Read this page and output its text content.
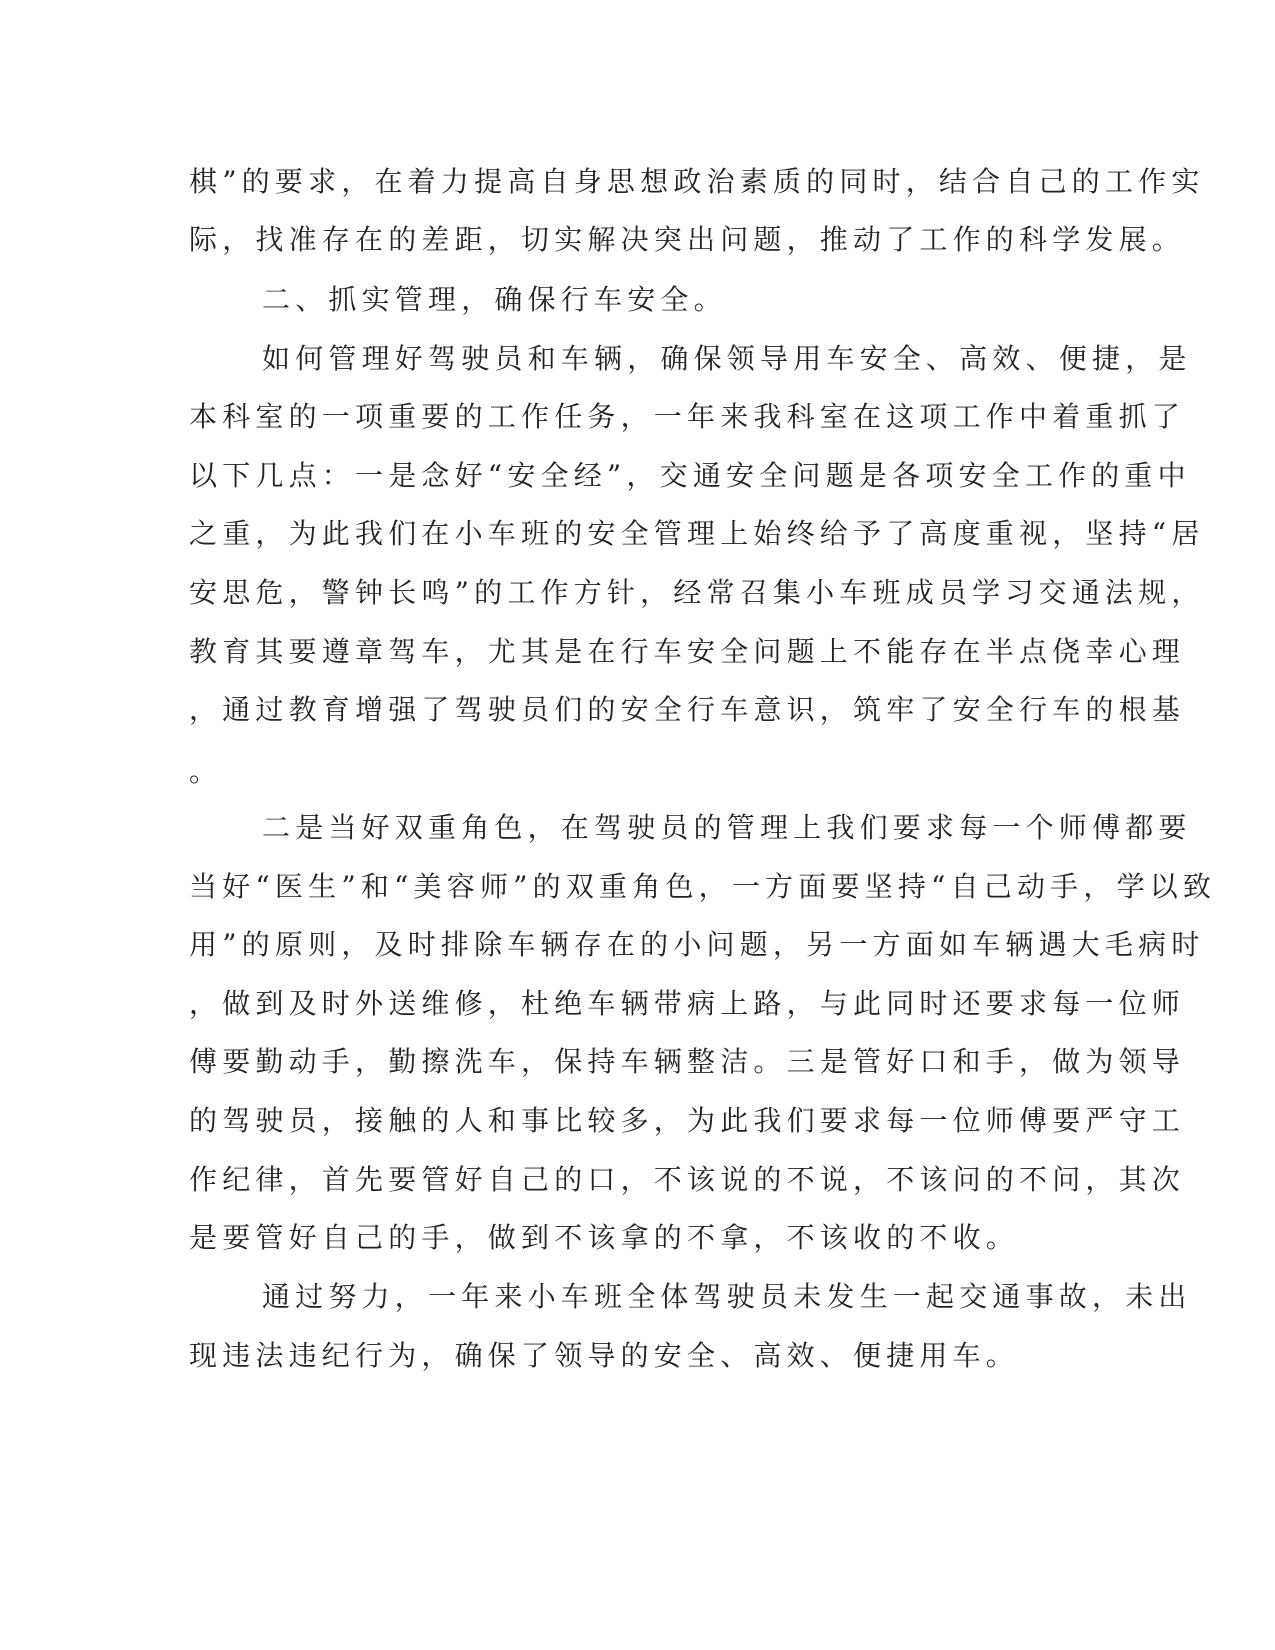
棋”的要求，在着力提高自身思想政治素质的同时，结合自己的工作实

际，找准存在的差距，切实解决突出问题，推动了工作的科学发展。

二、抓实管理，确保行车安全。

如何管理好驾驶员和车辆，确保领导用车安全、高效、便捷，是

本科室的一项重要的工作任务，一年来我科室在这项工作中着重抓了

以下几点：一是念好“安全经”，交通安全问题是各项安全工作的重中

之重，为此我们在小车班的安全管理上始终给予了高度重视，坚持“居

安思危，警钟长鸣”的工作方针，经常召集小车班成员学习交通法规，

教育其要遵章驾车，尤其是在行车安全问题上不能存在半点侥幸心理

，通过教育增强了驾驶员们的安全行车意识，筑牢了安全行车的根基

。

二是当好双重角色，在驾驶员的管理上我们要求每一个师傅都要

当好“医生”和“美容师”的双重角色，一方面要坚持“自己动手，学以致

用”的原则，及时排除车辆存在的小问题，另一方面如车辆遇大毛病时

，做到及时外送维修，杜绝车辆带病上路，与此同时还要求每一位师

傅要勤动手，勤擦洗车，保持车辆整洁。三是管好口和手，做为领导

的驾驶员，接触的人和事比较多，为此我们要求每一位师傅要严守工

作纪律，首先要管好自己的口，不该说的不说，不该问的不问，其次

是要管好自己的手，做到不该拿的不拿，不该收的不收。

通过努力，一年来小车班全体驾驶员未发生一起交通事故，未出

现违法违纪行为，确保了领导的安全、高效、便捷用车。
